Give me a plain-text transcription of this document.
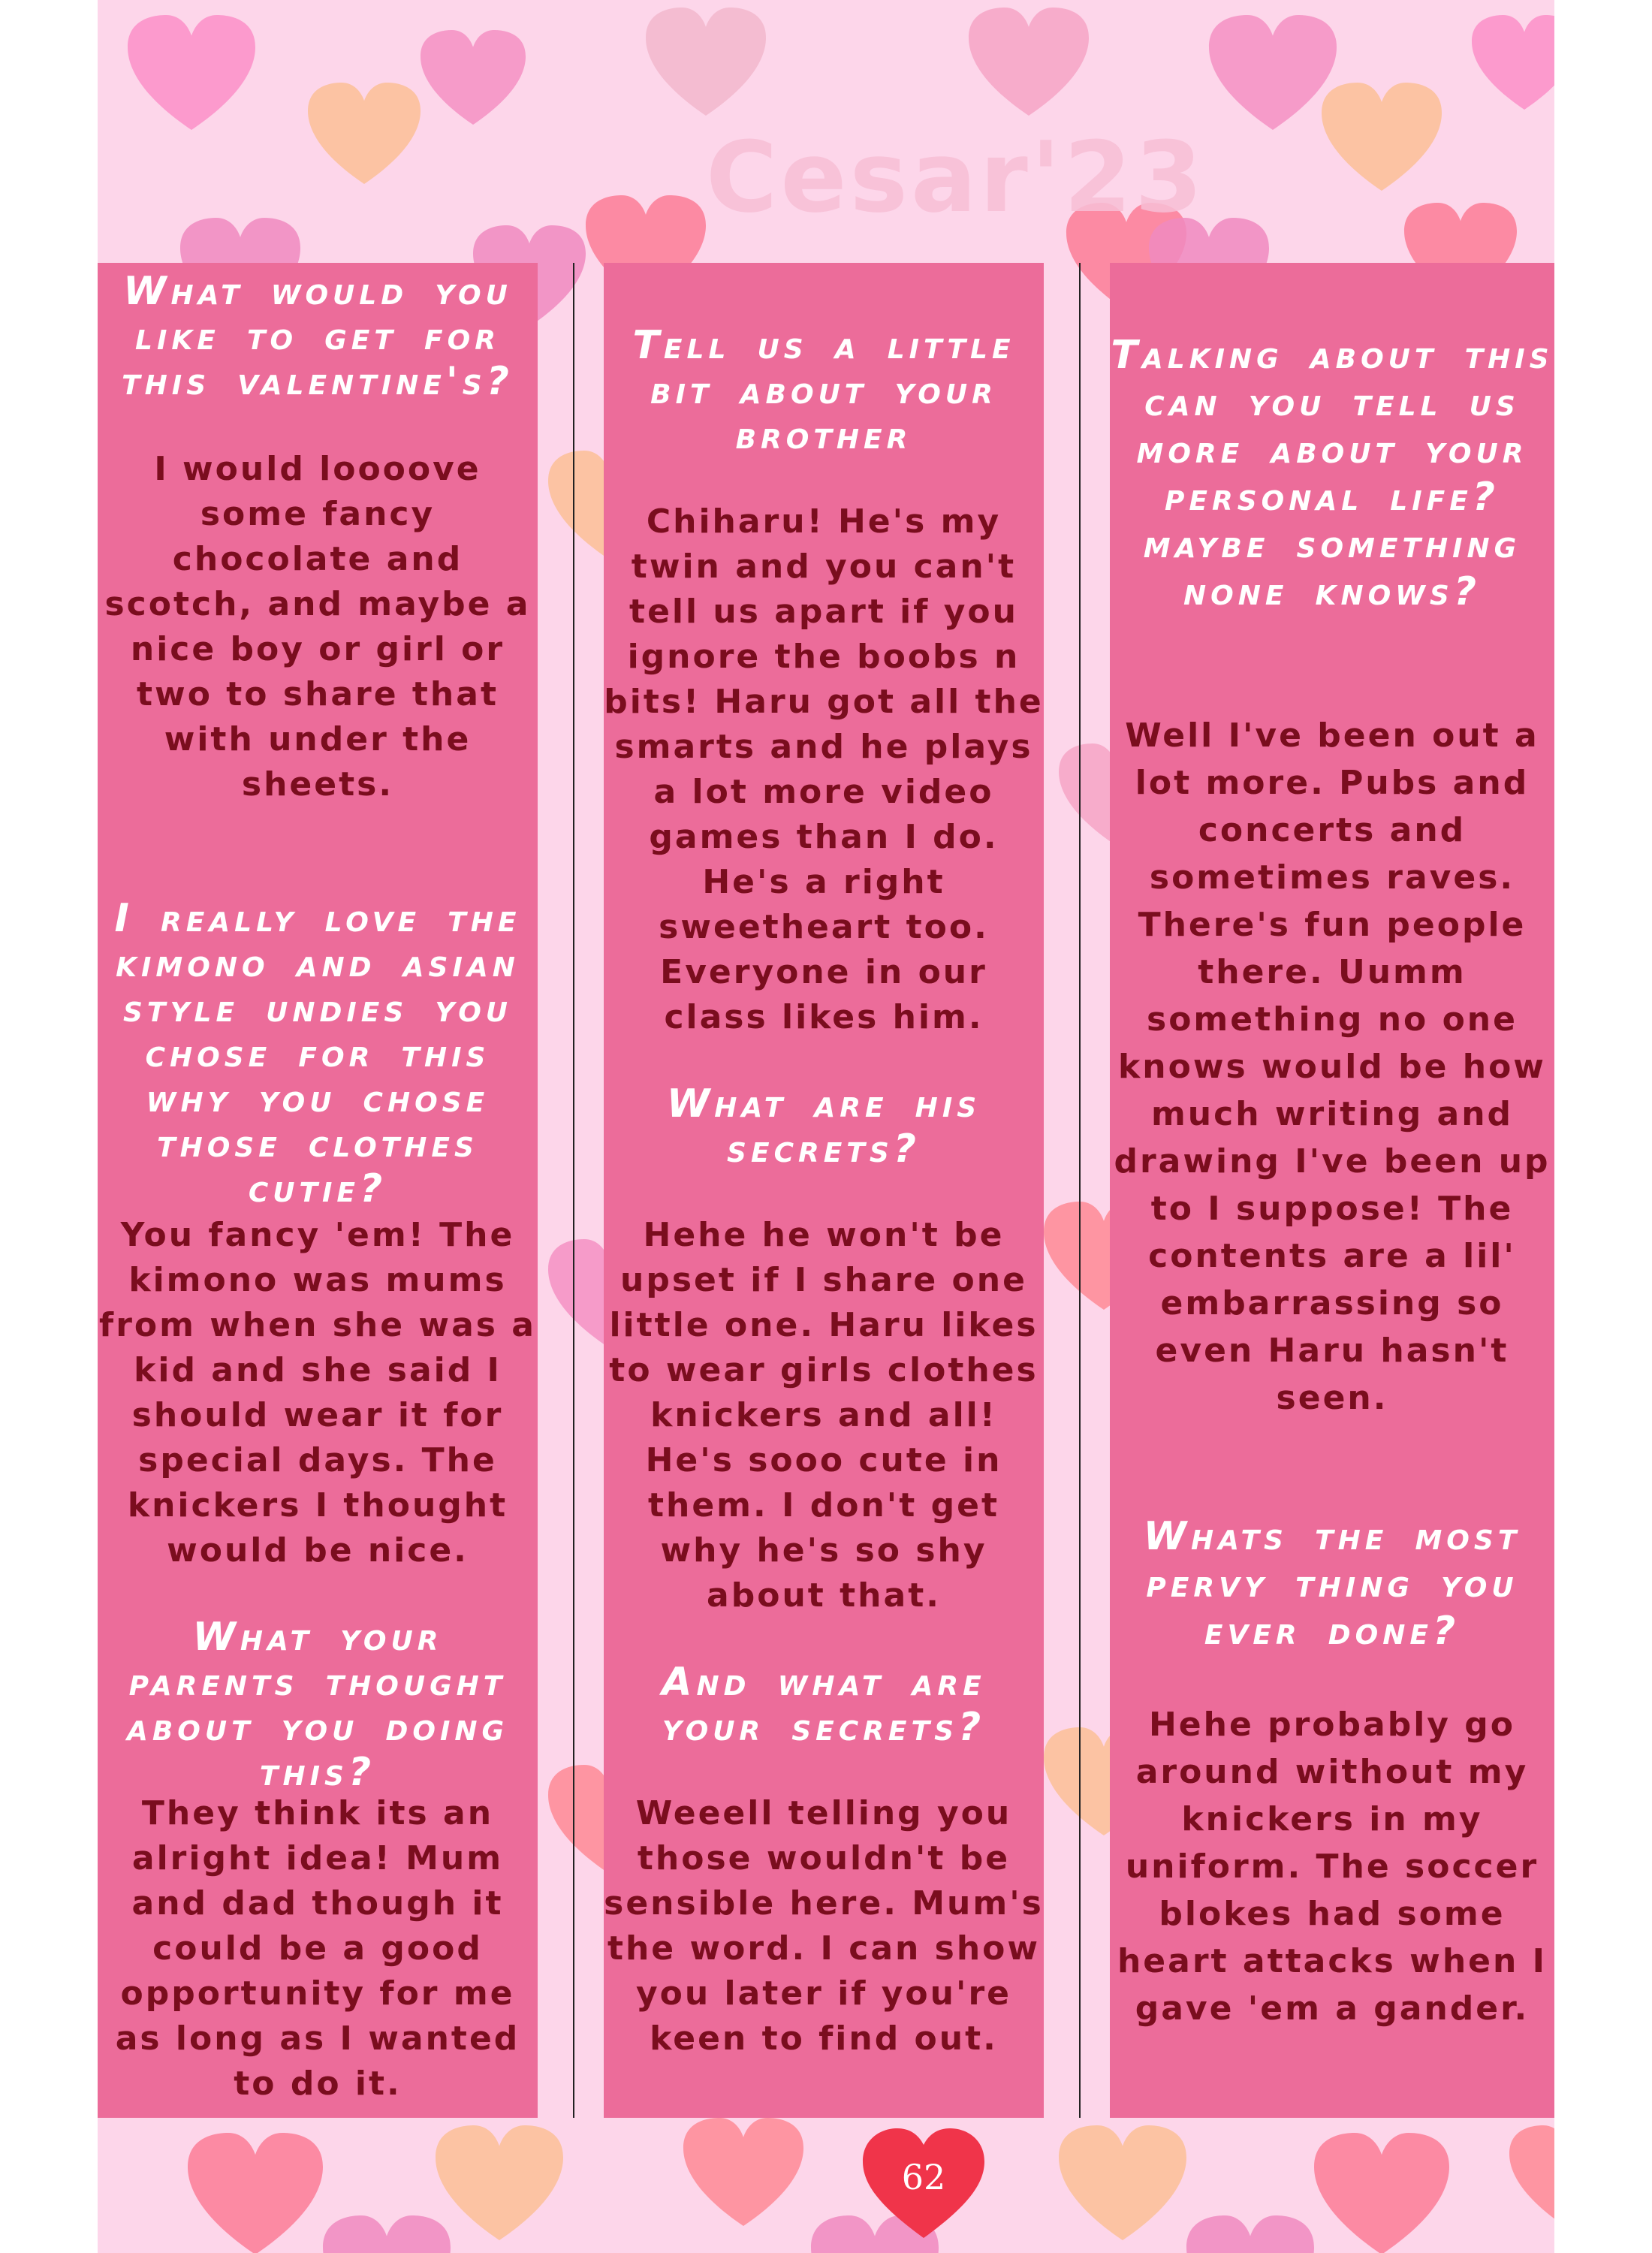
Cesar'23
What would you like to get for this valentine's?
I would loooove some fancy chocolate and scotch, and maybe a nice boy or girl or two to share that with under the sheets.
I really love the kimono and asian style undies you chose for this why you chose those clothes cutie?
You fancy 'em! The kimono was mums from when she was a kid and she said I should wear it for special days. The knickers I thought would be nice.
What your parents thought about you doing this?
They think its an alright idea! Mum and dad though it could be a good opportunity for me as long as I wanted to do it.
Tell us a little bit about your brother
Chiharu! He's my twin and you can't tell us apart if you ignore the boobs n bits! Haru got all the smarts and he plays a lot more video games than I do. He's a right sweetheart too. Everyone in our class likes him.
What are his secrets?
Hehe he won't be upset if I share one little one. Haru likes to wear girls clothes knickers and all! He's sooo cute in them. I don't get why he's so shy about that.
And what are your secrets?
Weeell telling you those wouldn't be sensible here. Mum's the word. I can show you later if you're keen to find out.
Talking about this can you tell us more about your personal life? maybe something none knows?
Well I've been out a lot more. Pubs and concerts and sometimes raves. There's fun people there. Uumm something no one knows would be how much writing and drawing I've been up to I suppose! The contents are a lil' embarrassing so even Haru hasn't seen.
Whats the most pervy thing you ever done?
Hehe probably go around without my knickers in my uniform. The soccer blokes had some heart attacks when I gave 'em a gander.
62
